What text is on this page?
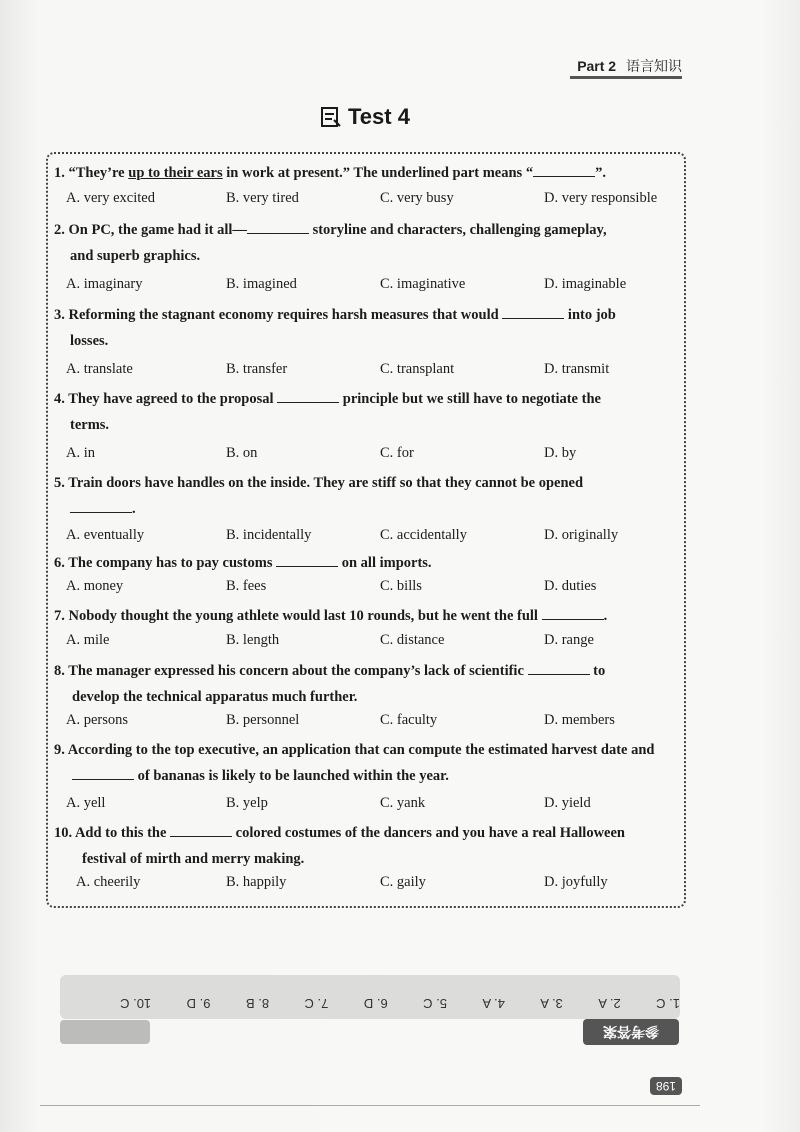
Part 2 语言知识
Test 4
1. “They’re up to their ears in work at present.” The underlined part means “	”.
A. very excited	B. very tired	C. very busy	D. very responsible
2. On PC, the game had it all—	storyline and characters, challenging gameplay,
and superb graphics.
A. imaginary	B. imagined	C. imaginative	D. imaginable
3. Reforming the stagnant economy requires harsh measures that would	into job
losses.
A. translate	B. transfer	C. transplant	D. transmit
4. They have agreed to the proposal	principle but we still have to negotiate the
terms.
A. in	B. on	C. for	D. by
5. Train doors have handles on the inside. They are stiff so that they cannot be opened
.
A. eventually	B. incidentally	C. accidentally	D. originally
6. The company has to pay customs	on all imports.
A. money	B. fees	C. bills	D. duties
7. Nobody thought the young athlete would last 10 rounds, but he went the full	.
A. mile	B. length	C. distance	D. range
8. The manager expressed his concern about the company’s lack of scientific	to
develop the technical apparatus much further.
A. persons	B. personnel	C. faculty	D. members
9. According to the top executive, an application that can compute the estimated harvest date and
of bananas is likely to be launched within the year.
A. yell	B. yelp	C. yank	D. yield
10. Add to this the	colored costumes of the dancers and you have a real Halloween
festival of mirth and merry making.
A. cheerily	B. happily	C. gaily	D. joyfully
1. C
2. A
3. A
4. A
5. C
6. D
7. C
8. B
9. D
10. C
参考答案
198
